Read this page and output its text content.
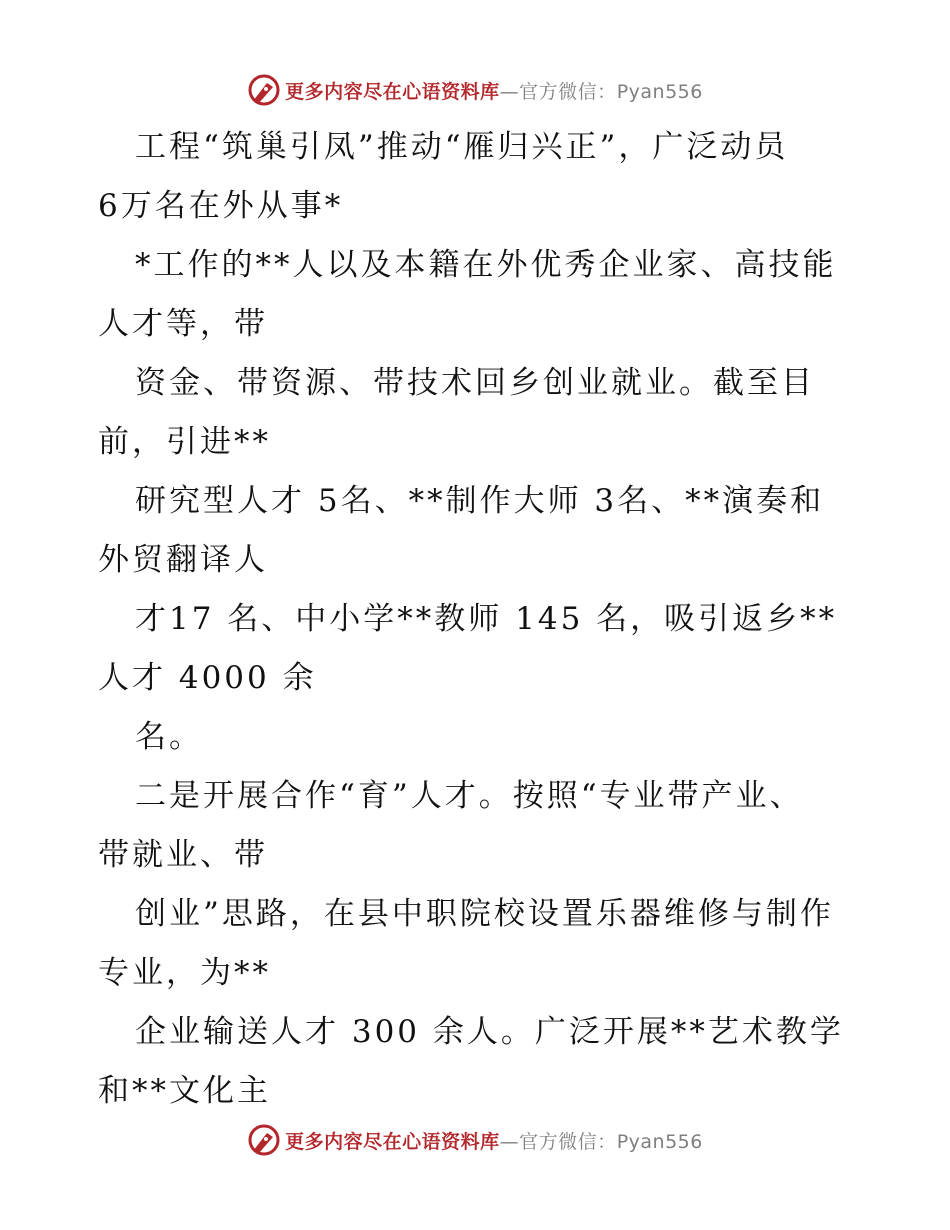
更多内容尽在心语资料库—官方微信：Pyan556
工程“筑巢引凤”推动“雁归兴正”，广泛动员
6万名在外从事*
*工作的**人以及本籍在外优秀企业家、高技能
人才等，带
资金、带资源、带技术回乡创业就业。截至目
前，引进**
研究型人才 5名、**制作大师 3名、**演奏和
外贸翻译人
才17 名、中小学**教师 145 名，吸引返乡**
人才 4000 余
名。
二是开展合作“育”人才。按照“专业带产业、
带就业、带
创业”思路，在县中职院校设置乐器维修与制作
专业，为**
企业输送人才 300 余人。广泛开展**艺术教学
和**文化主
更多内容尽在心语资料库—官方微信：Pyan556
